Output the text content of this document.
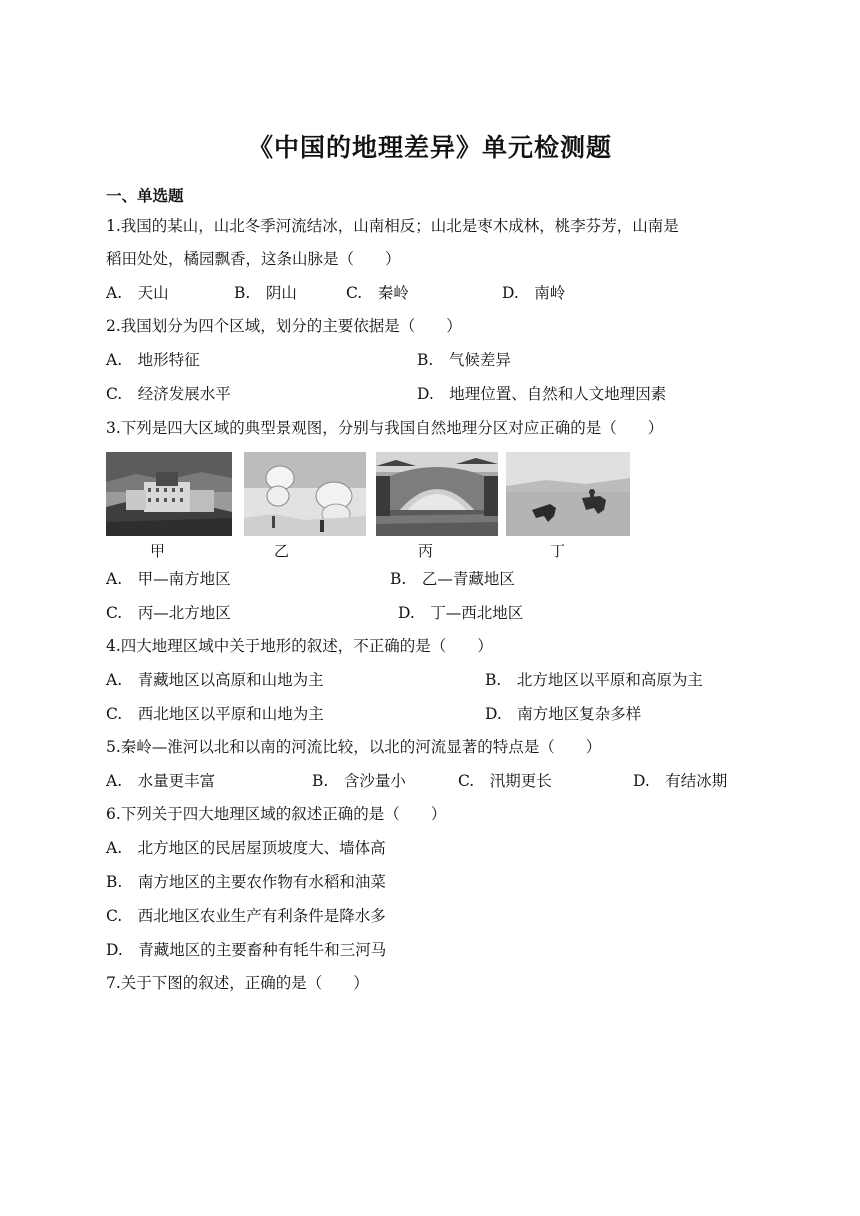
《中国的地理差异》单元检测题
一、单选题
1.我国的某山，山北冬季河流结冰，山南相反；山北是枣木成林，桃李芬芳，山南是
稻田处处，橘园飘香，这条山脉是（　　）
A.　天山	B.　阴山	C.　秦岭	D.　南岭
2.我国划分为四个区域，划分的主要依据是（　　）
A.　地形特征	B.　气候差异
C.　经济发展水平	D.　地理位置、自然和人文地理因素
3.下列是四大区域的典型景观图，分别与我国自然地理分区对应正确的是（　　）
甲	乙	丙	丁
A.　甲—南方地区	B.　乙—青藏地区
C.　丙—北方地区	D.　丁—西北地区
4.四大地理区域中关于地形的叙述，不正确的是（　　）
A.　青藏地区以高原和山地为主	B.　北方地区以平原和高原为主
C.　西北地区以平原和山地为主	D.　南方地区复杂多样
5.秦岭—淮河以北和以南的河流比较，以北的河流显著的特点是（　　）
A.　水量更丰富	B.　含沙量小	C.　汛期更长	D.　有结冰期
6.下列关于四大地理区域的叙述正确的是（　　）
A.　北方地区的民居屋顶坡度大、墙体高
B.　南方地区的主要农作物有水稻和油菜
C.　西北地区农业生产有利条件是降水多
D.　青藏地区的主要畜种有牦牛和三河马
7.关于下图的叙述，正确的是（　　）
